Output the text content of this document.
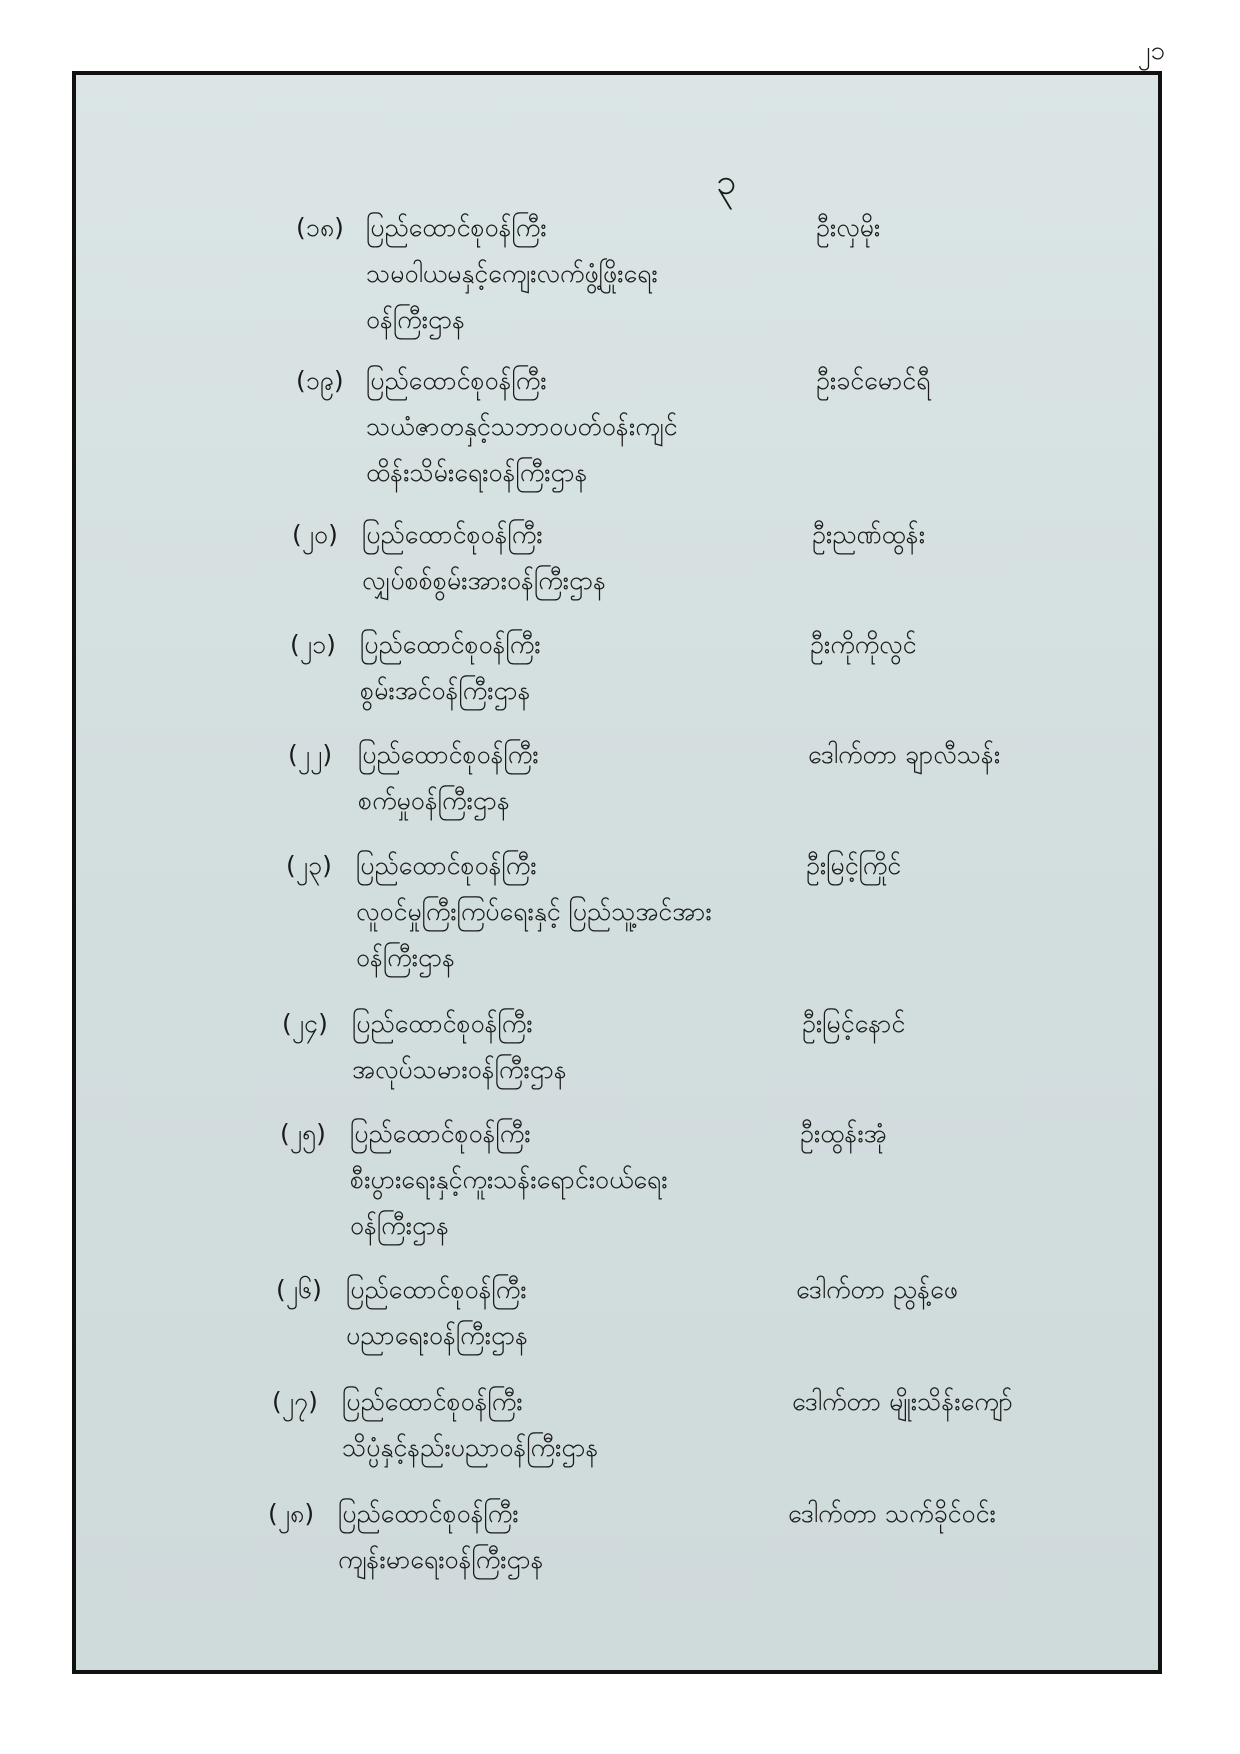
၂၁
၃
(၁၈) ပြည်ထောင်စုဝန်ကြီး
သမဝါယမနှင့်ကျေးလက်ဖွံ့ဖြိုးရေး
ဝန်ကြီးဌာန
ဦးလှမိုး
(၁၉) ပြည်ထောင်စုဝန်ကြီး
သယံဇာတနှင့်သဘာဝပတ်ဝန်းကျင်
ထိန်းသိမ်းရေးဝန်ကြီးဌာန
ဦးခင်မောင်ရီ
(၂၀) ပြည်ထောင်စုဝန်ကြီး
လျှပ်စစ်စွမ်းအားဝန်ကြီးဌာန
ဦးညဏ်ထွန်း
(၂၁) ပြည်ထောင်စုဝန်ကြီး
စွမ်းအင်ဝန်ကြီးဌာန
ဦးကိုကိုလွင်
(၂၂)	ပြည်ထောင်စုဝန်ကြီး
စက်မှုဝန်ကြီးဌာန
ဒေါက်တာ ချာလီသန်း
(၂၃) ပြည်ထောင်စုဝန်ကြီး
လူဝင်မှုကြီးကြပ်ရေးနှင့် ပြည်သူ့အင်အား
ဝန်ကြီးဌာန
ဦးမြင့်ကြိုင်
(၂၄) ပြည်ထောင်စုဝန်ကြီး
အလုပ်သမားဝန်ကြီးဌာန
ဦးမြင့်နောင်
(၂၅) ပြည်ထောင်စုဝန်ကြီး
စီးပွားရေးနှင့်ကူးသန်းရောင်းဝယ်ရေး
ဝန်ကြီးဌာန
ဦးထွန်းအုံ
(၂၆) ပြည်ထောင်စုဝန်ကြီး
ပညာရေးဝန်ကြီးဌာန
ဒေါက်တာ ညွန့်ဖေ
(၂၇) ပြည်ထောင်စုဝန်ကြီး
သိပ္ပံနှင့်နည်းပညာဝန်ကြီးဌာန
ဒေါက်တာ မျိုးသိန်းကျော်
(၂၈) ပြည်ထောင်စုဝန်ကြီး
ကျန်းမာရေးဝန်ကြီးဌာန
ဒေါက်တာ သက်ခိုင်ဝင်း
